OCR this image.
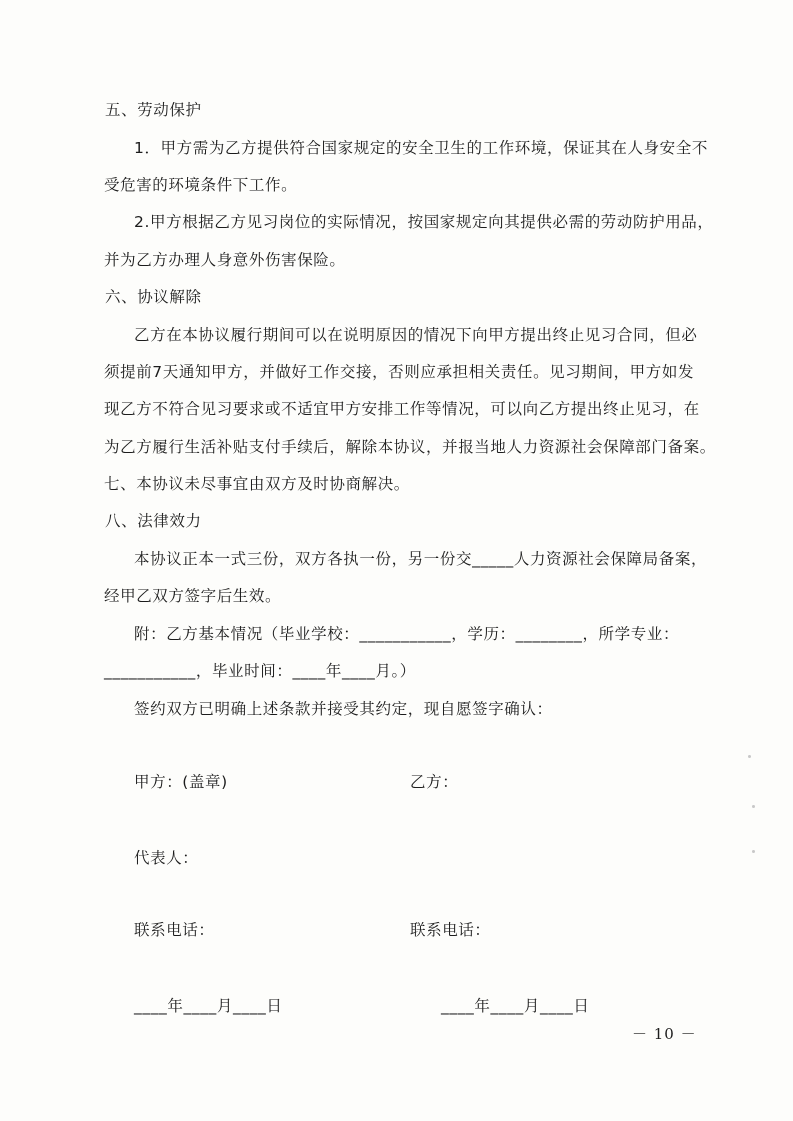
五、劳动保护
1．甲方需为乙方提供符合国家规定的安全卫生的工作环境，保证其在人身安全不
受危害的环境条件下工作。
2.甲方根据乙方见习岗位的实际情况，按国家规定向其提供必需的劳动防护用品，
并为乙方办理人身意外伤害保险。
六、协议解除
乙方在本协议履行期间可以在说明原因的情况下向甲方提出终止见习合同，但必
须提前7天通知甲方，并做好工作交接，否则应承担相关责任。见习期间，甲方如发
现乙方不符合见习要求或不适宜甲方安排工作等情况，可以向乙方提出终止见习，在
为乙方履行生活补贴支付手续后，解除本协议，并报当地人力资源社会保障部门备案。
七、本协议未尽事宜由双方及时协商解决。
八、法律效力
本协议正本一式三份，双方各执一份，另一份交_____人力资源社会保障局备案，
经甲乙双方签字后生效。
附：乙方基本情况（毕业学校：___________，学历：________，所学专业：
___________，毕业时间：____年____月。）
签约双方已明确上述条款并接受其约定，现自愿签字确认：
甲方：(盖章)	乙方：
代表人：
联系电话：	联系电话：
____年____月____日	____年____月____日
－ 10 －
